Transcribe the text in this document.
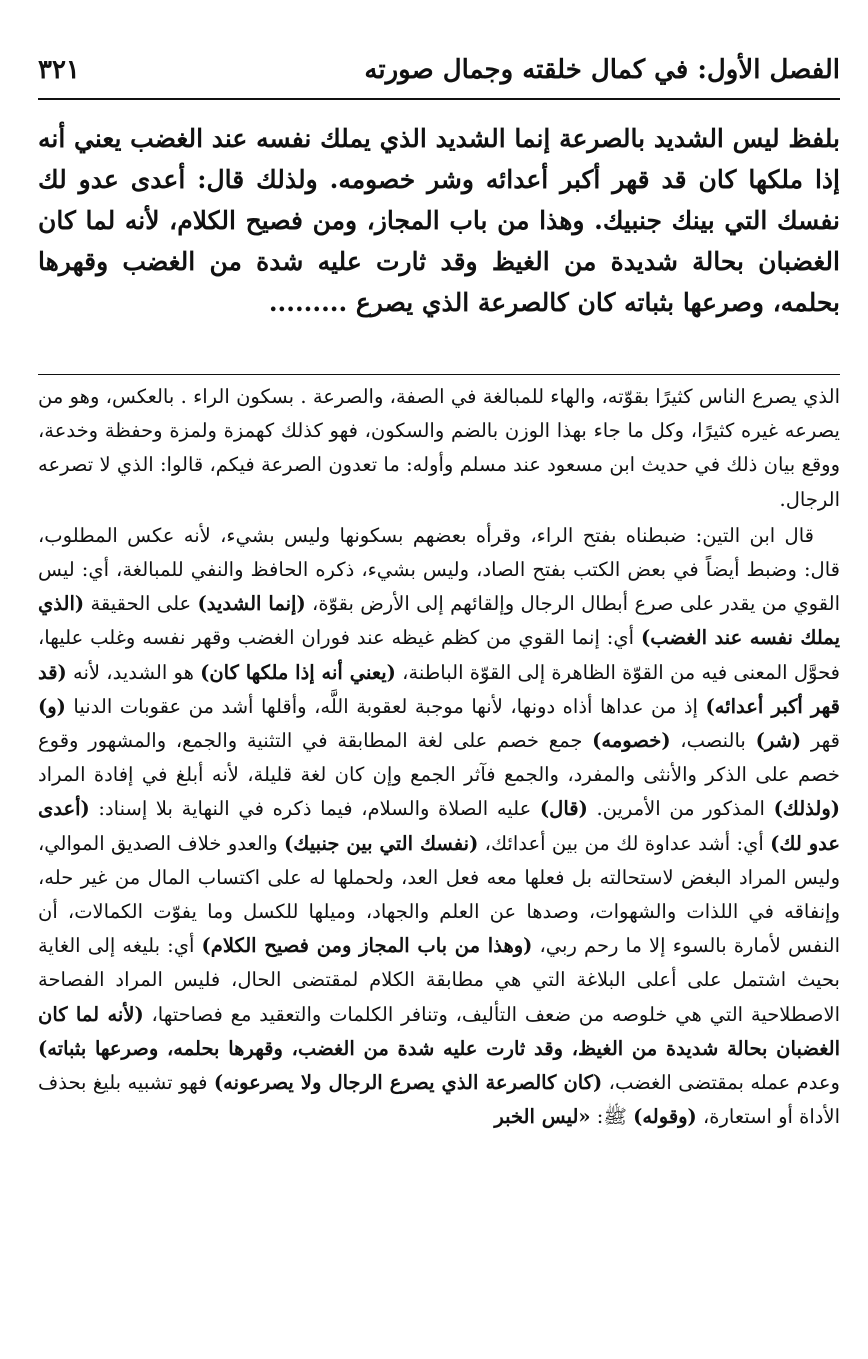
الفصل الأول: في كمال خلقته وجمال صورته
٣٢١

بلفظ ليس الشديد بالصرعة إنما الشديد الذي يملك نفسه عند الغضب يعني أنه إذا ملكها كان قد قهر أكبر أعدائه وشر خصومه. ولذلك قال: أعدى عدو لك نفسك التي بينك جنبيك. وهذا من باب المجاز، ومن فصيح الكلام، لأنه لما كان الغضبان بحالة شديدة من الغيظ وقد ثارت عليه شدة من الغضب وقهرها بحلمه، وصرعها بثباته كان كالصرعة الذي يصرع .........

الذي يصرع الناس كثيرًا بقوّته، والهاء للمبالغة في الصفة، والصرعة . بسكون الراء . بالعكس، وهو من يصرعه غيره كثيرًا، وكل ما جاء بهذا الوزن بالضم والسكون، فهو كذلك كهمزة ولمزة وحفظة وخدعة، ووقع بيان ذلك في حديث ابن مسعود عند مسلم وأوله: ما تعدون الصرعة فيكم، قالوا: الذي لا تصرعه الرجال.

قال ابن التين: ضبطناه بفتح الراء، وقرأه بعضهم بسكونها وليس بشيء، لأنه عكس المطلوب، قال: وضبط أيضاً في بعض الكتب بفتح الصاد، وليس بشيء، ذكره الحافظ والنفي للمبالغة، أي: ليس القوي من يقدر على صرع أبطال الرجال وإلقائهم إلى الأرض بقوّة، (إنما الشديد) على الحقيقة (الذي يملك نفسه عند الغضب) أي: إنما القوي من كظم غيظه عند فوران الغضب وقهر نفسه وغلب عليها، فحوَّل المعنى فيه من القوّة الظاهرة إلى القوّة الباطنة، (يعني أنه إذا ملكها كان) هو الشديد، لأنه (قد قهر أكبر أعدائه) إذ من عداها أذاه دونها، لأنها موجبة لعقوبة اللَّه، وأقلها أشد من عقوبات الدنيا (و) قهر (شر) بالنصب، (خصومه) جمع خصم على لغة المطابقة في التثنية والجمع، والمشهور وقوع خصم على الذكر والأنثى والمفرد، والجمع فآثر الجمع وإن كان لغة قليلة، لأنه أبلغ في إفادة المراد (ولذلك) المذكور من الأمرين. (قال) عليه الصلاة والسلام، فيما ذكره في النهاية بلا إسناد: (أعدى عدو لك) أي: أشد عداوة لك من بين أعدائك، (نفسك التي بين جنبيك) والعدو خلاف الصديق الموالي، وليس المراد البغض لاستحالته بل فعلها معه فعل العد، ولحملها له على اكتساب المال من غير حله، وإنفاقه في اللذات والشهوات، وصدها عن العلم والجهاد، وميلها للكسل وما يفوّت الكمالات، أن النفس لأمارة بالسوء إلا ما رحم ربي، (وهذا من باب المجاز ومن فصيح الكلام) أي: بليغه إلى الغاية بحيث اشتمل على أعلى البلاغة التي هي مطابقة الكلام لمقتضى الحال، فليس المراد الفصاحة الاصطلاحية التي هي خلوصه من ضعف التأليف، وتنافر الكلمات والتعقيد مع فصاحتها، (لأنه لما كان الغضبان بحالة شديدة من الغيظ، وقد ثارت عليه شدة من الغضب، وقهرها بحلمه، وصرعها بثباته) وعدم عمله بمقتضى الغضب، (كان كالصرعة الذي يصرع الرجال ولا يصرعونه) فهو تشبيه بليغ بحذف الأداة أو استعارة، (وقوله) ﷺ: «ليس الخبر
